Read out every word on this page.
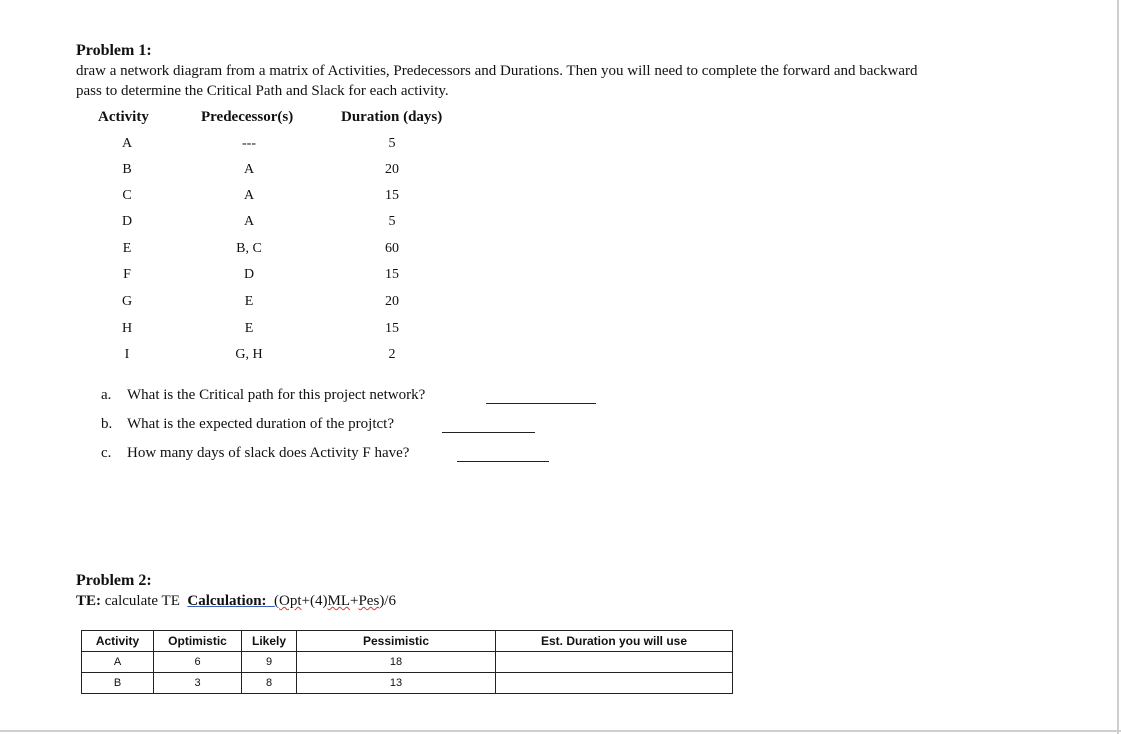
Problem 1:
draw a network diagram from a matrix of Activities, Predecessors and Durations. Then you will need to complete the forward and backward
pass to determine the Critical Path and Slack for each activity.
Activity	Predecessor(s)	Duration (days)
A	---	5
B	A	20
C	A	15
D	A	5
E	B, C	60
F	D	15
G	E	20
H	E	15
I	G, H	2
a. What is the Critical path for this project network?
b. What is the expected duration of the projtct?
c. How many days of slack does Activity F have?
Problem 2:
TE: calculate TE Calculation: (Opt+(4)ML+Pes)/6
Activity	Optimistic	Likely	Pessimistic	Est. Duration you will use
A	6	9	18	
B	3	8	13	
